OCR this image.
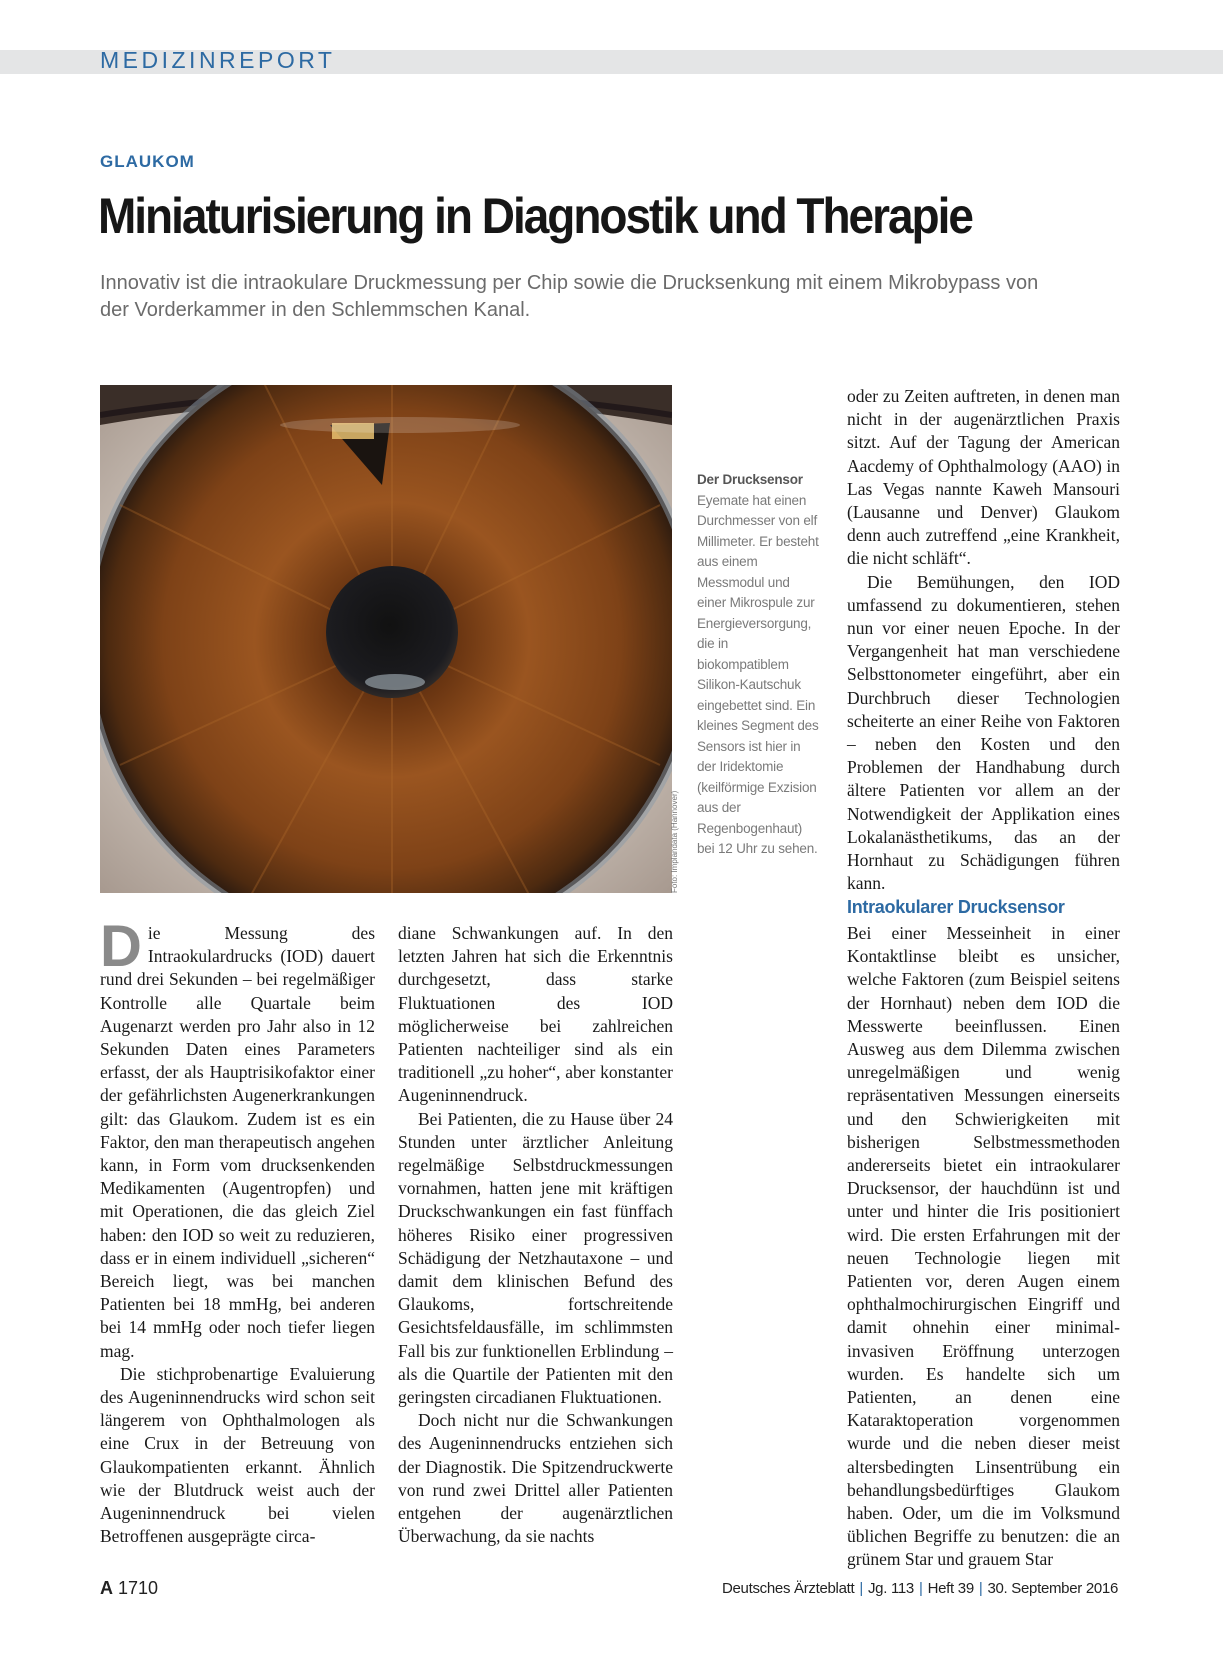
MEDIZINREPORT
GLAUKOM
Miniaturisierung in Diagnostik und Therapie

Innovativ ist die intraokulare Druckmessung per Chip sowie die Drucksenkung mit einem Mikrobypass von der Vorderkammer in den Schlemmschen Kanal.

Foto: Implandata (Hannover)
Der Drucksensor
Eyemate hat einen Durchmesser von elf Millimeter. Er besteht aus einem Messmodul und einer Mikrospule zur Energieversorgung, die in biokompatiblem Silikon-Kautschuk eingebettet sind. Ein kleines Segment des Sensors ist hier in der Iridektomie (keilförmige Exzision aus der Regenbogenhaut) bei 12 Uhr zu sehen.

Die Messung des Intraokulardrucks (IOD) dauert rund drei Sekunden – bei regelmäßiger Kontrolle alle Quartale beim Augenarzt werden pro Jahr also in 12 Sekunden Daten eines Parameters erfasst, der als Hauptrisikofaktor einer der gefährlichsten Augenerkrankungen gilt: das Glaukom. Zudem ist es ein Faktor, den man therapeutisch angehen kann, in Form vom drucksenkenden Medikamenten (Augentropfen) und mit Operationen, die das gleich Ziel haben: den IOD so weit zu reduzieren, dass er in einem individuell „sicheren“ Bereich liegt, was bei manchen Patienten bei 18 mmHg, bei anderen bei 14 mmHg oder noch tiefer liegen mag.

Die stichprobenartige Evaluierung des Augeninnendrucks wird schon seit längerem von Ophthalmologen als eine Crux in der Betreuung von Glaukompatienten erkannt. Ähnlich wie der Blutdruck weist auch der Augeninnendruck bei vielen Betroffenen ausgeprägte circa-

diane Schwankungen auf. In den letzten Jahren hat sich die Erkenntnis durchgesetzt, dass starke Fluktuationen des IOD möglicherweise bei zahlreichen Patienten nachteiliger sind als ein traditionell „zu hoher“, aber konstanter Augeninnendruck.

Bei Patienten, die zu Hause über 24 Stunden unter ärztlicher Anleitung regelmäßige Selbstdruckmessungen vornahmen, hatten jene mit kräftigen Druckschwankungen ein fast fünffach höheres Risiko einer progressiven Schädigung der Netzhautaxone – und damit dem klinischen Befund des Glaukoms, fortschreitende Gesichtsfeldausfälle, im schlimmsten Fall bis zur funktionellen Erblindung – als die Quartile der Patienten mit den geringsten circadianen Fluktuationen.

Doch nicht nur die Schwankungen des Augeninnendrucks entziehen sich der Diagnostik. Die Spitzendruckwerte von rund zwei Drittel aller Patienten entgehen der augenärztlichen Überwachung, da sie nachts

oder zu Zeiten auftreten, in denen man nicht in der augenärztlichen Praxis sitzt. Auf der Tagung der American Aacdemy of Ophthalmology (AAO) in Las Vegas nannte Kaweh Mansouri (Lausanne und Denver) Glaukom denn auch zutreffend „eine Krankheit, die nicht schläft“.

Die Bemühungen, den IOD umfassend zu dokumentieren, stehen nun vor einer neuen Epoche. In der Vergangenheit hat man verschiedene Selbsttonometer eingeführt, aber ein Durchbruch dieser Technologien scheiterte an einer Reihe von Faktoren – neben den Kosten und den Problemen der Handhabung durch ältere Patienten vor allem an der Notwendigkeit der Applikation eines Lokalanästhetikums, das an der Hornhaut zu Schädigungen führen kann.

Intraokularer Drucksensor

Bei einer Messeinheit in einer Kontaktlinse bleibt es unsicher, welche Faktoren (zum Beispiel seitens der Hornhaut) neben dem IOD die Messwerte beeinflussen. Einen Ausweg aus dem Dilemma zwischen unregelmäßigen und wenig repräsentativen Messungen einerseits und den Schwierigkeiten mit bisherigen Selbstmessmethoden andererseits bietet ein intraokularer Drucksensor, der hauchdünn ist und unter und hinter die Iris positioniert wird. Die ersten Erfahrungen mit der neuen Technologie liegen mit Patienten vor, deren Augen einem ophthalmochirurgischen Eingriff und damit ohnehin einer minimal-invasiven Eröffnung unterzogen wurden. Es handelte sich um Patienten, an denen eine Kataraktoperation vorgenommen wurde und die neben dieser meist altersbedingten Linsentrübung ein behandlungsbedürftiges Glaukom haben. Oder, um die im Volksmund üblichen Begriffe zu benutzen: die an grünem Star und grauem Star

A 1710	Deutsches Ärzteblatt | Jg. 113 | Heft 39 | 30. September 2016
